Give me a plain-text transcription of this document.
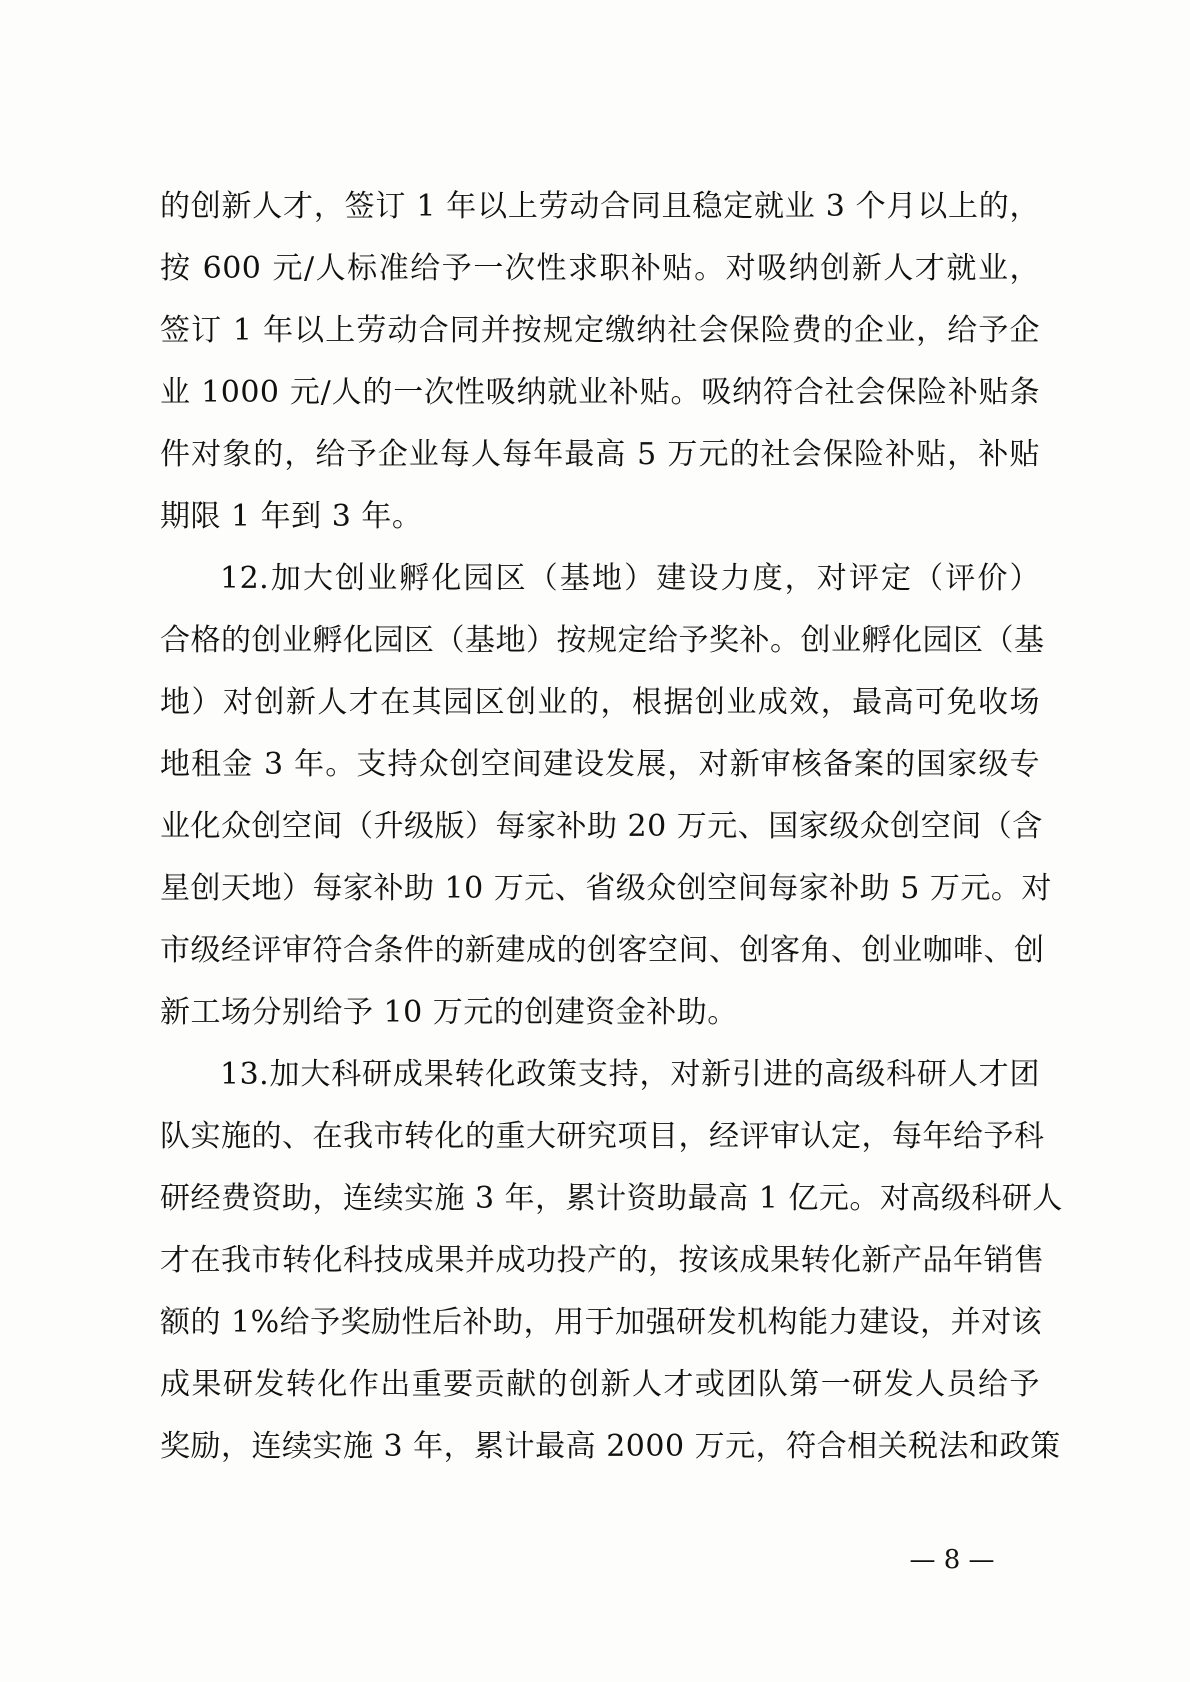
的创新人才，签订 1 年以上劳动合同且稳定就业 3 个月以上的，
按 600 元/人标准给予一次性求职补贴。对吸纳创新人才就业，
签订 1 年以上劳动合同并按规定缴纳社会保险费的企业，给予企
业 1000 元/人的一次性吸纳就业补贴。吸纳符合社会保险补贴条
件对象的，给予企业每人每年最高 5 万元的社会保险补贴，补贴
期限 1 年到 3 年。
12.加大创业孵化园区（基地）建设力度，对评定（评价）
合格的创业孵化园区（基地）按规定给予奖补。创业孵化园区（基
地）对创新人才在其园区创业的，根据创业成效，最高可免收场
地租金 3 年。支持众创空间建设发展，对新审核备案的国家级专
业化众创空间（升级版）每家补助 20 万元、国家级众创空间（含
星创天地）每家补助 10 万元、省级众创空间每家补助 5 万元。对
市级经评审符合条件的新建成的创客空间、创客角、创业咖啡、创
新工场分别给予 10 万元的创建资金补助。
13.加大科研成果转化政策支持，对新引进的高级科研人才团
队实施的、在我市转化的重大研究项目，经评审认定，每年给予科
研经费资助，连续实施 3 年，累计资助最高 1 亿元。对高级科研人
才在我市转化科技成果并成功投产的，按该成果转化新产品年销售
额的 1%给予奖励性后补助，用于加强研发机构能力建设，并对该
成果研发转化作出重要贡献的创新人才或团队第一研发人员给予
奖励，连续实施 3 年，累计最高 2000 万元，符合相关税法和政策
— 8 —
